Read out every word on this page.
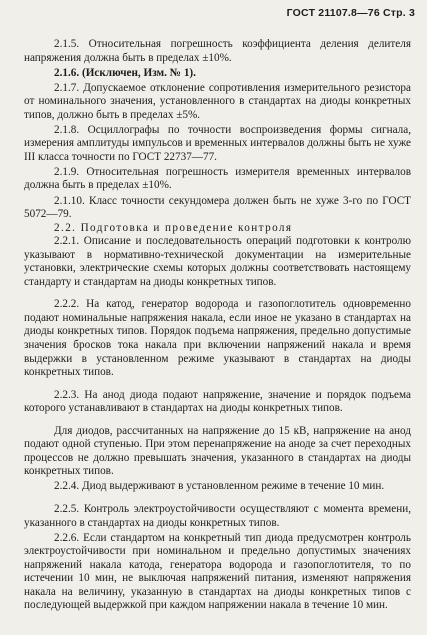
ГОСТ 21107.8—76 Стр. 3

2.1.5. Относительная погрешность коэффициента деления делителя напряжения должна быть в пределах ±10%.

2.1.6. (Исключен, Изм. № 1).

2.1.7. Допускаемое отклонение сопротивления измерительного резистора от номинального значения, установленного в стандартах на диоды конкретных типов, должно быть в пределах ±5%.

2.1.8. Осциллографы по точности воспроизведения формы сигнала, измерения амплитуды импульсов и временных интервалов должны быть не хуже III класса точности по ГОСТ 22737—77.

2.1.9. Относительная погрешность измерителя временных интервалов должна быть в пределах ±10%.

2.1.10. Класс точности секундомера должен быть не хуже 3-го по ГОСТ 5072—79.

2.2. Подготовка и проведение контроля

2.2.1. Описание и последовательность операций подготовки к контролю указывают в нормативно-технической документации на измерительные установки, электрические схемы которых должны соответствовать настоящему стандарту и стандартам на диоды конкретных типов.

2.2.2. На катод, генератор водорода и газопоглотитель одновременно подают номинальные напряжения накала, если иное не указано в стандартах на диоды конкретных типов. Порядок подъема напряжения, предельно допустимые значения бросков тока накала при включении напряжений накала и время выдержки в установленном режиме указывают в стандартах на диоды конкретных типов.

2.2.3. На анод диода подают напряжение, значение и порядок подъема которого устанавливают в стандартах на диоды конкретных типов.

Для диодов, рассчитанных на напряжение до 15 кВ, напряжение на анод подают одной ступенью. При этом перенапряжение на аноде за счет переходных процессов не должно превышать значения, указанного в стандартах на диоды конкретных типов.

2.2.4. Диод выдерживают в установленном режиме в течение 10 мин.

2.2.5. Контроль электроустойчивости осуществляют с момента времени, указанного в стандартах на диоды конкретных типов.

2.2.6. Если стандартом на конкретный тип диода предусмотрен контроль электроустойчивости при номинальном и предельно допустимых значениях напряжений накала катода, генератора водорода и газопоглотителя, то по истечении 10 мин, не выключая напряжений питания, изменяют напряжения накала на величину, указанную в стандартах на диоды конкретных типов с последующей выдержкой при каждом напряжении накала в течение 10 мин.
